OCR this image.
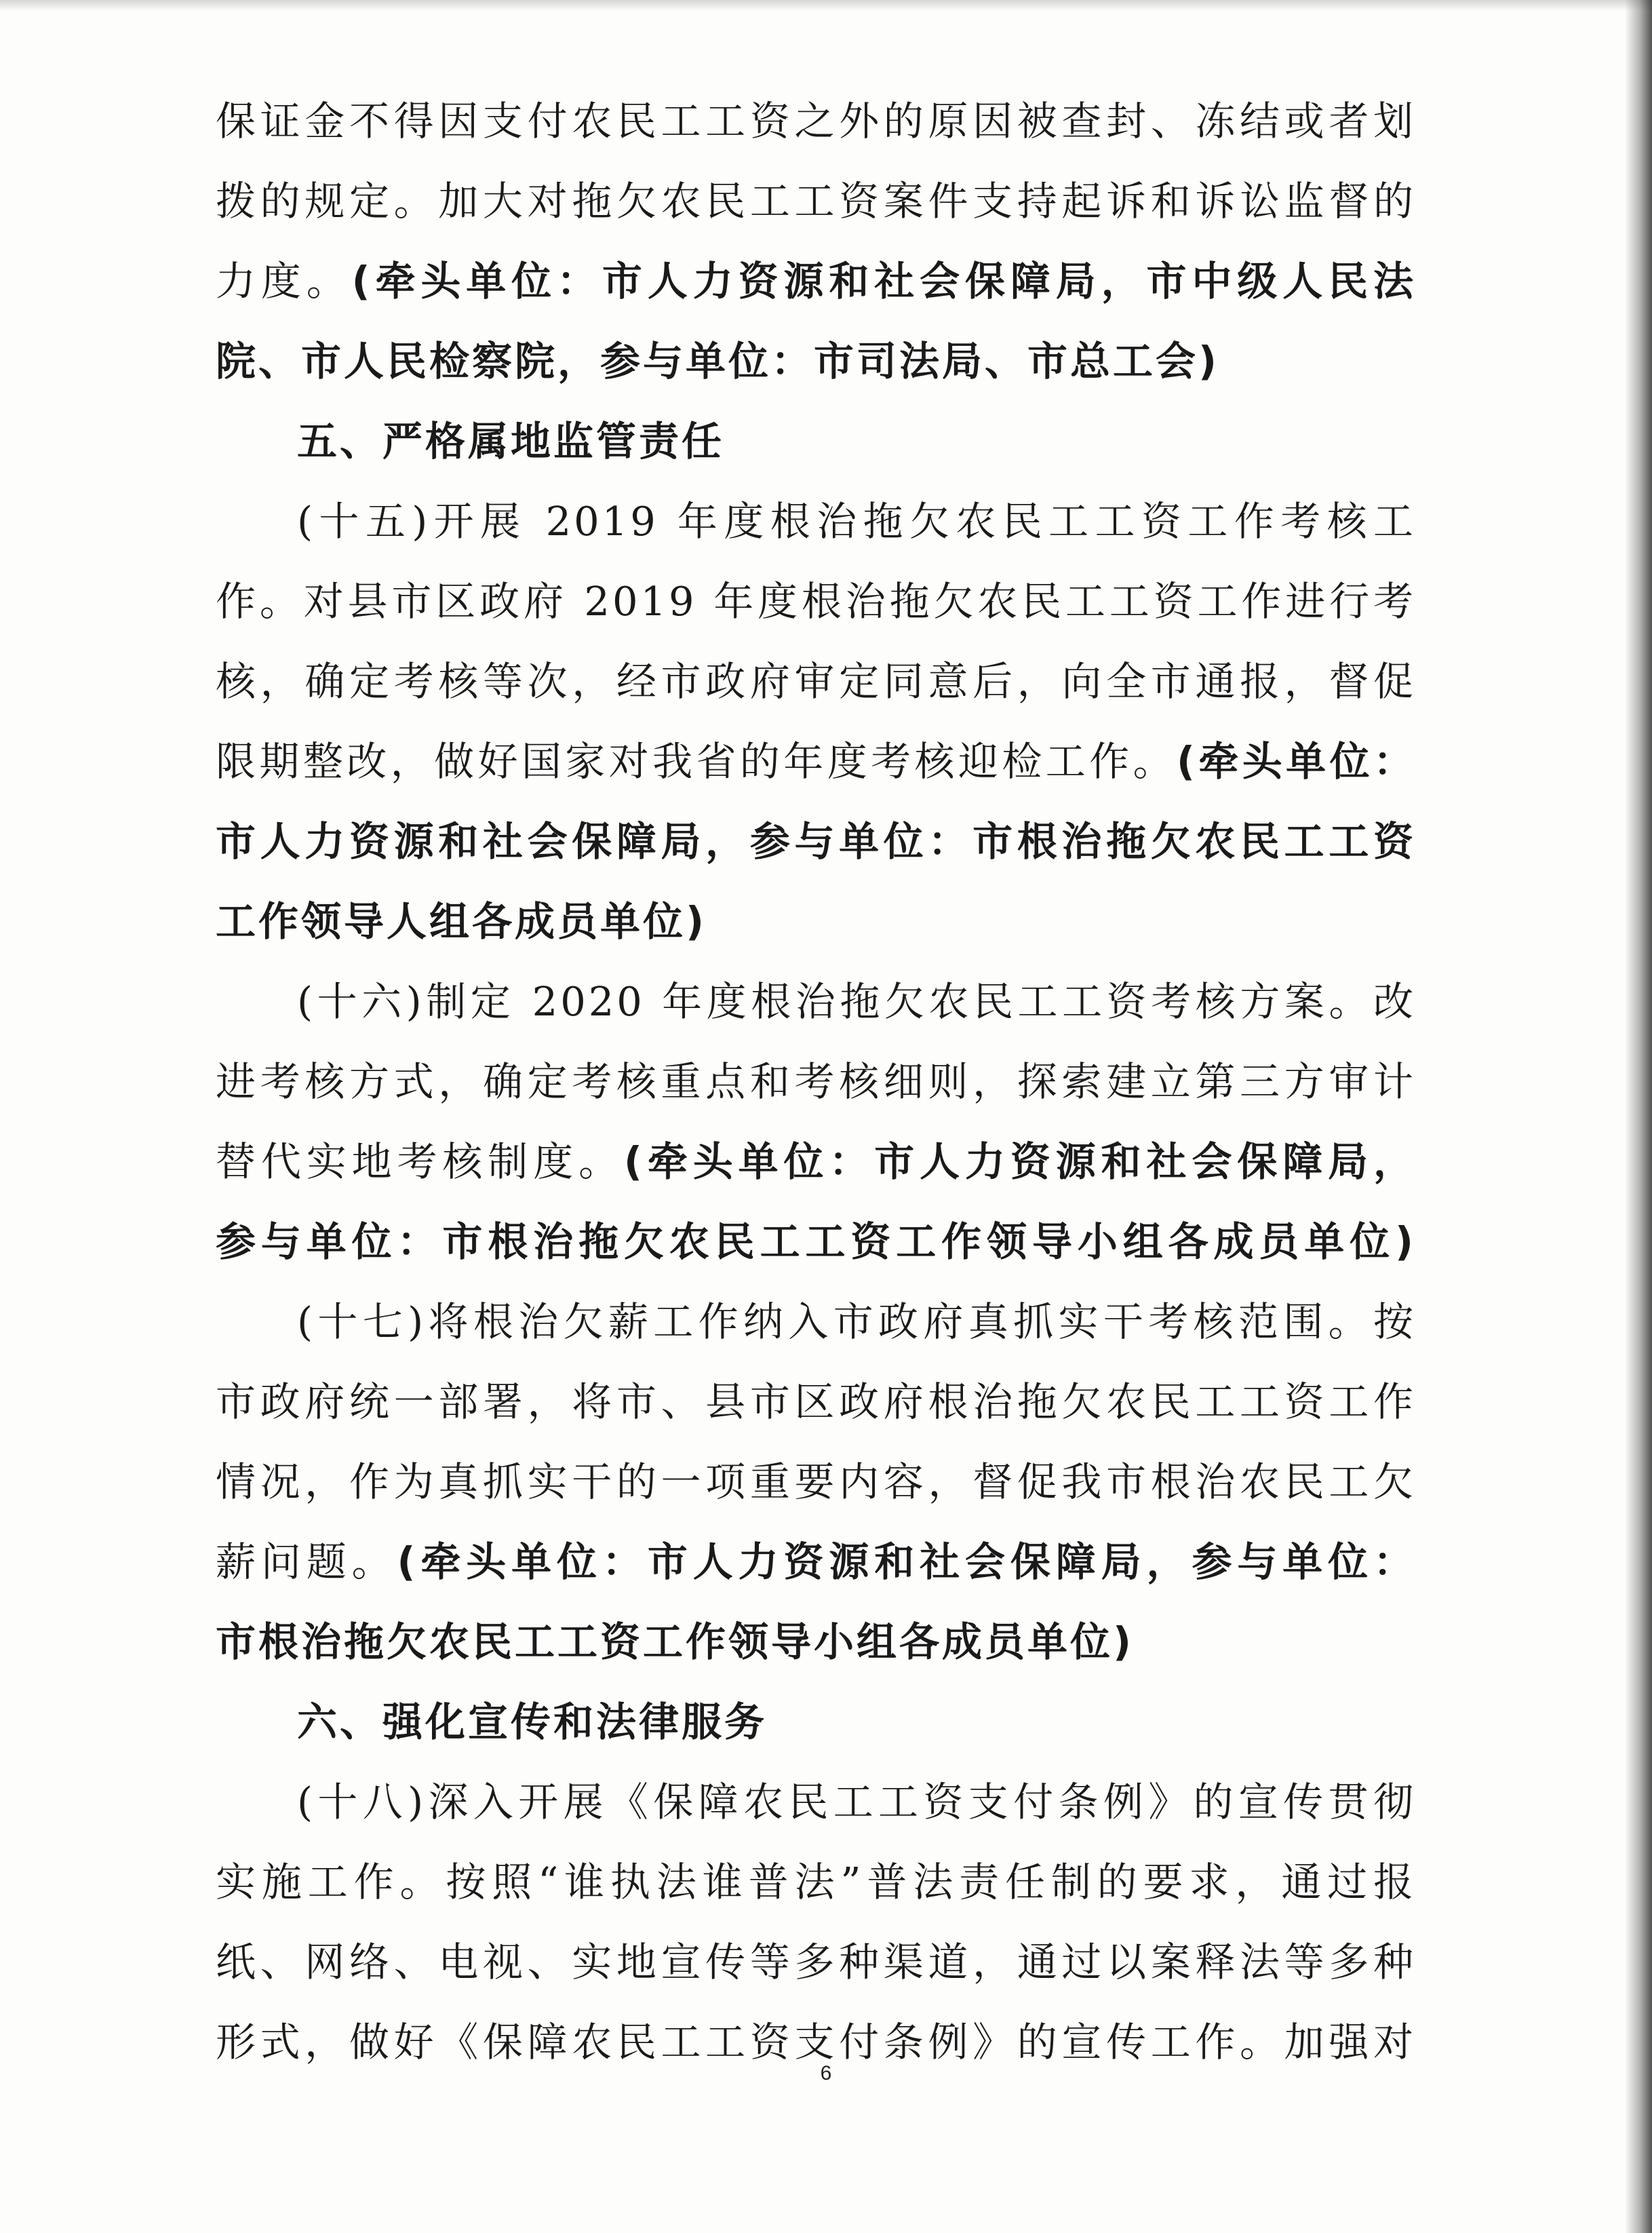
保证金不得因支付农民工工资之外的原因被查封、冻结或者划
拨的规定。加大对拖欠农民工工资案件支持起诉和诉讼监督的
力度。(牵头单位：市人力资源和社会保障局，市中级人民法
院、市人民检察院，参与单位：市司法局、市总工会)
五、严格属地监管责任
(十五)开展 2019 年度根治拖欠农民工工资工作考核工
作。对县市区政府 2019 年度根治拖欠农民工工资工作进行考
核，确定考核等次，经市政府审定同意后，向全市通报，督促
限期整改，做好国家对我省的年度考核迎检工作。(牵头单位：
市人力资源和社会保障局，参与单位：市根治拖欠农民工工资
工作领导人组各成员单位)
(十六)制定 2020 年度根治拖欠农民工工资考核方案。改
进考核方式，确定考核重点和考核细则，探索建立第三方审计
替代实地考核制度。(牵头单位：市人力资源和社会保障局，
参与单位：市根治拖欠农民工工资工作领导小组各成员单位)
(十七)将根治欠薪工作纳入市政府真抓实干考核范围。按
市政府统一部署，将市、县市区政府根治拖欠农民工工资工作
情况，作为真抓实干的一项重要内容，督促我市根治农民工欠
薪问题。(牵头单位：市人力资源和社会保障局，参与单位：
市根治拖欠农民工工资工作领导小组各成员单位)
六、强化宣传和法律服务
(十八)深入开展《保障农民工工资支付条例》的宣传贯彻
实施工作。按照“谁执法谁普法”普法责任制的要求，通过报
纸、网络、电视、实地宣传等多种渠道，通过以案释法等多种
形式，做好《保障农民工工资支付条例》的宣传工作。加强对
6
